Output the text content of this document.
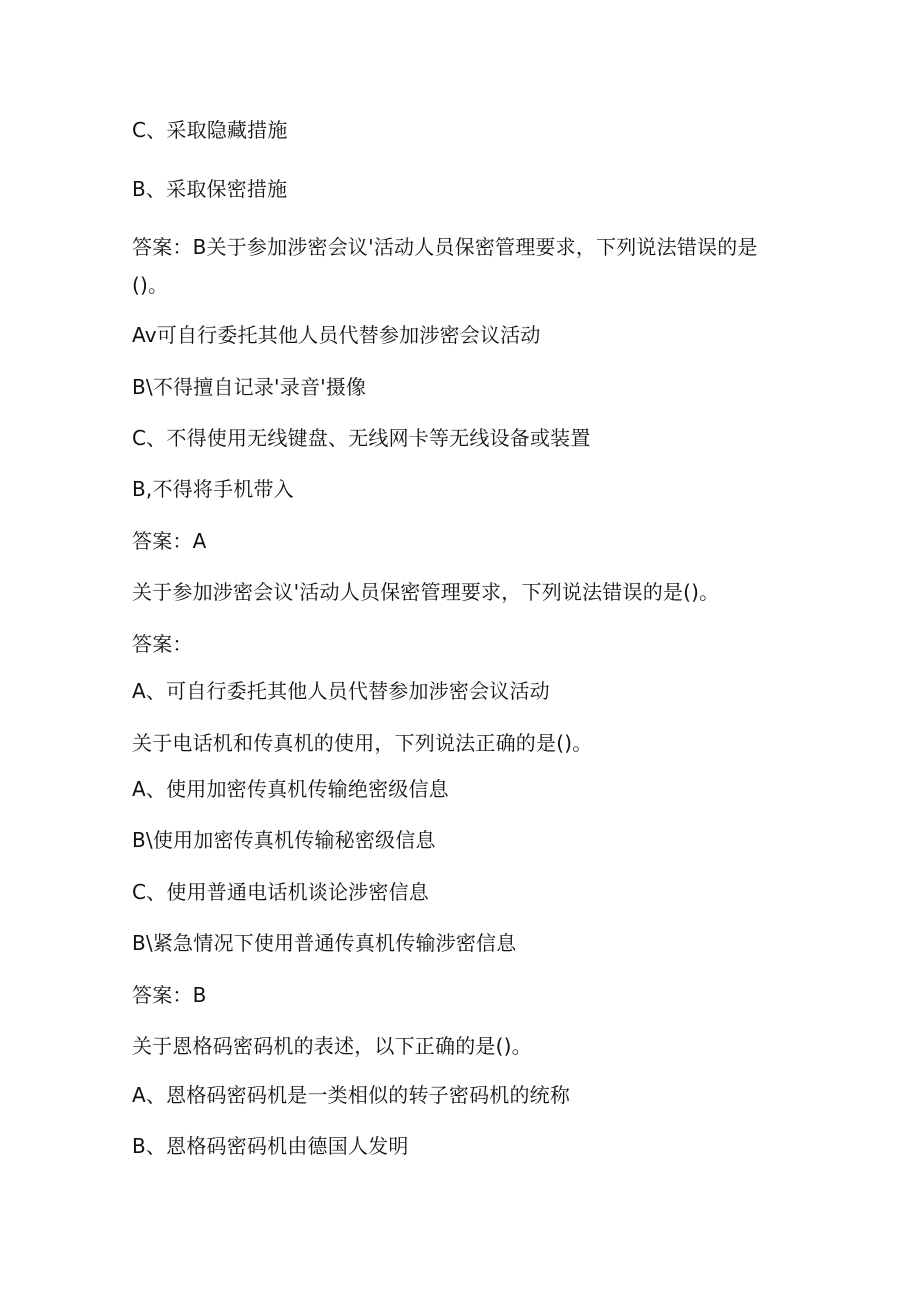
C、采取隐藏措施
B、采取保密措施
答案：B关于参加涉密会议'活动人员保密管理要求，下列说法错误的是()。
Av可自行委托其他人员代替参加涉密会议活动
B\不得擅自记录'录音'摄像
C、不得使用无线键盘、无线网卡等无线设备或装置
B,不得将手机带入
答案：A
关于参加涉密会议'活动人员保密管理要求，下列说法错误的是()。
答案：
A、可自行委托其他人员代替参加涉密会议活动
关于电话机和传真机的使用，下列说法正确的是()。
A、使用加密传真机传输绝密级信息
B\使用加密传真机传输秘密级信息
C、使用普通电话机谈论涉密信息
B\紧急情况下使用普通传真机传输涉密信息
答案：B
关于恩格码密码机的表述，以下正确的是()。
A、恩格码密码机是一类相似的转子密码机的统称
B、恩格码密码机由德国人发明
